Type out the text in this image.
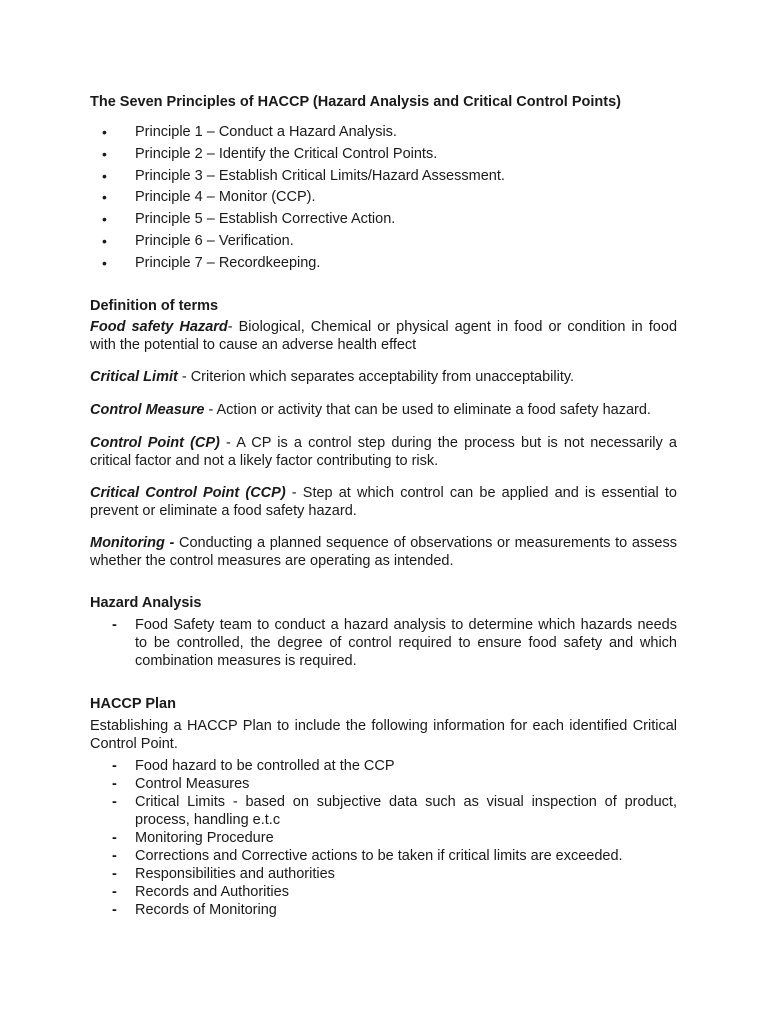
The Seven Principles of HACCP (Hazard Analysis and Critical Control Points)

• Principle 1 – Conduct a Hazard Analysis.
• Principle 2 – Identify the Critical Control Points.
• Principle 3 – Establish Critical Limits/Hazard Assessment.
• Principle 4 – Monitor (CCP).
• Principle 5 – Establish Corrective Action.
• Principle 6 – Verification.
• Principle 7 – Recordkeeping.

Definition of terms

Food safety Hazard- Biological, Chemical or physical agent in food or condition in food with the potential to cause an adverse health effect

Critical Limit - Criterion which separates acceptability from unacceptability.

Control Measure - Action or activity that can be used to eliminate a food safety hazard.

Control Point (CP) - A CP is a control step during the process but is not necessarily a critical factor and not a likely factor contributing to risk.

Critical Control Point (CCP) - Step at which control can be applied and is essential to prevent or eliminate a food safety hazard.

Monitoring - Conducting a planned sequence of observations or measurements to assess whether the control measures are operating as intended.

Hazard Analysis

- Food Safety team to conduct a hazard analysis to determine which hazards needs to be controlled, the degree of control required to ensure food safety and which combination measures is required.

HACCP Plan

Establishing a HACCP Plan to include the following information for each identified Critical Control Point.

- Food hazard to be controlled at the CCP
- Control Measures
- Critical Limits - based on subjective data such as visual inspection of product, process, handling e.t.c
- Monitoring Procedure
- Corrections and Corrective actions to be taken if critical limits are exceeded.
- Responsibilities and authorities
- Records and Authorities
- Records of Monitoring
